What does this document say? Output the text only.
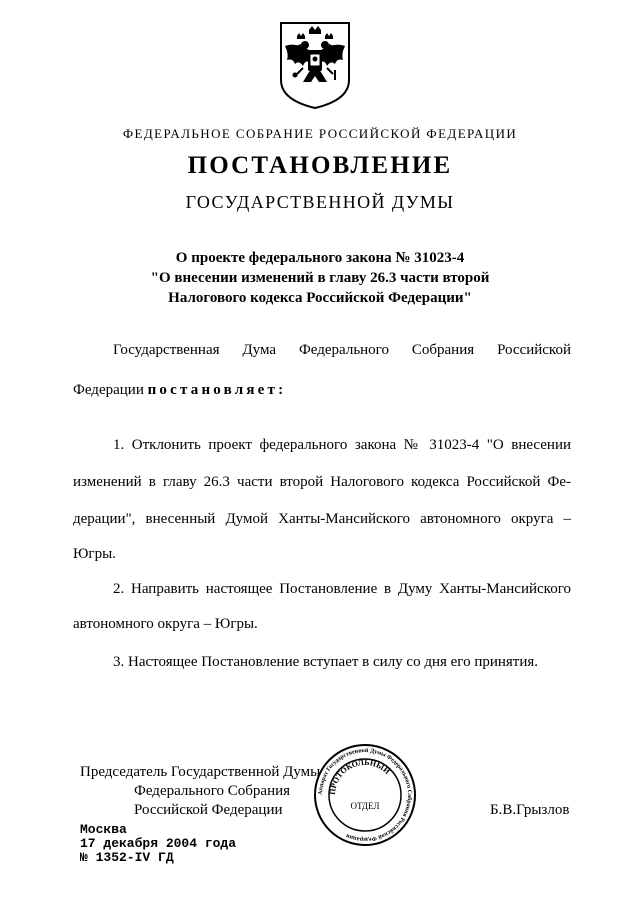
ФЕДЕРАЛЬНОЕ СОБРАНИЕ РОССИЙСКОЙ ФЕДЕРАЦИИ
ПОСТАНОВЛЕНИЕ
ГОСУДАРСТВЕННОЙ ДУМЫ
О проекте федерального закона № 31023-4
"О внесении изменений в главу 26.3 части второй
Налогового кодекса Российской Федерации"
Государственная Дума Федерального Собрания Российской
Федерации постановляет:
1. Отклонить проект федерального закона № 31023-4 "О внесении
изменений в главу 26.3 части второй Налогового кодекса Российской Фе-
дерации", внесенный Думой Ханты-Мансийского автономного округа –
Югры.
2. Направить настоящее Постановление в Думу Ханты-Мансийского
автономного округа – Югры.
3. Настоящее Постановление вступает в силу со дня его принятия.
Председатель Государственной Думы
Федерального Собрания
Российской Федерации	Б.В.Грызлов
Аппарат Государственной Думы Федерального Собрания Российской Федерации
ПРОТОКОЛЬНЫЙ
ОТДЕЛ
Москва
17 декабря 2004 года
№ 1352-IV ГД
